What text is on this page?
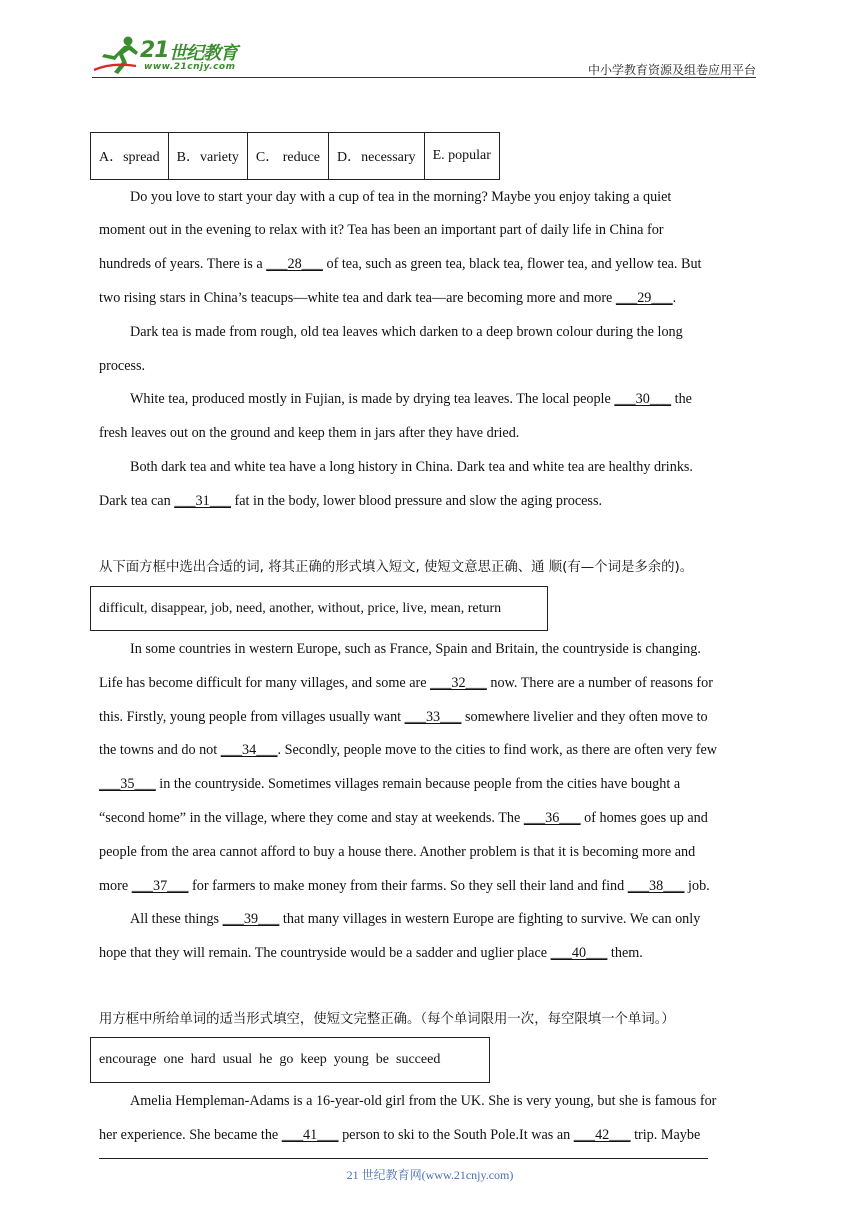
21 世纪教育
www.21cnjy.com	中小学教育资源及组卷应用平台
A．spread	B．variety	C． reduce	D．necessary	E. popular
Do you love to start your day with a cup of tea in the morning? Maybe you enjoy taking a quiet
moment out in the evening to relax with it? Tea has been an important part of daily life in China for
hundreds of years. There is a ___28___ of tea, such as green tea, black tea, flower tea, and yellow tea. But
two rising stars in China’s teacups—white tea and dark tea—are becoming more and more ___29___.
Dark tea is made from rough, old tea leaves which darken to a deep brown colour during the long
process.
White tea, produced mostly in Fujian, is made by drying tea leaves. The local people ___30___ the
fresh leaves out on the ground and keep them in jars after they have dried.
Both dark tea and white tea have a long history in China. Dark tea and white tea are healthy drinks.
Dark tea can ___31___ fat in the body, lower blood pressure and slow the aging process.
从下面方框中选出合适的词, 将其正确的形式填入短文, 使短文意思正确、通 顺(有—个词是多余的)。
difficult, disappear, job, need, another, without, price, live, mean, return
In some countries in western Europe, such as France, Spain and Britain, the countryside is changing.
Life has become difficult for many villages, and some are ___32___ now. There are a number of reasons for
this. Firstly, young people from villages usually want ___33___ somewhere livelier and they often move to
the towns and do not ___34___. Secondly, people move to the cities to find work, as there are often very few
___35___ in the countryside. Sometimes villages remain because people from the cities have bought a
“second home” in the village, where they come and stay at weekends. The ___36___ of homes goes up and
people from the area cannot afford to buy a house there. Another problem is that it is becoming more and
more ___37___ for farmers to make money from their farms. So they sell their land and find ___38___ job.
All these things ___39___ that many villages in western Europe are fighting to survive. We can only
hope that they will remain. The countryside would be a sadder and uglier place ___40___ them.
用方框中所给单词的适当形式填空，使短文完整正确。（每个单词限用一次，每空限填一个单词。）
encourage  one  hard  usual  he  go  keep  young  be  succeed
Amelia Hempleman-Adams is a 16-year-old girl from the UK. She is very young, but she is famous for
her experience. She became the ___41___ person to ski to the South Pole.It was an ___42___ trip. Maybe
21 世纪教育网(www.21cnjy.com)
